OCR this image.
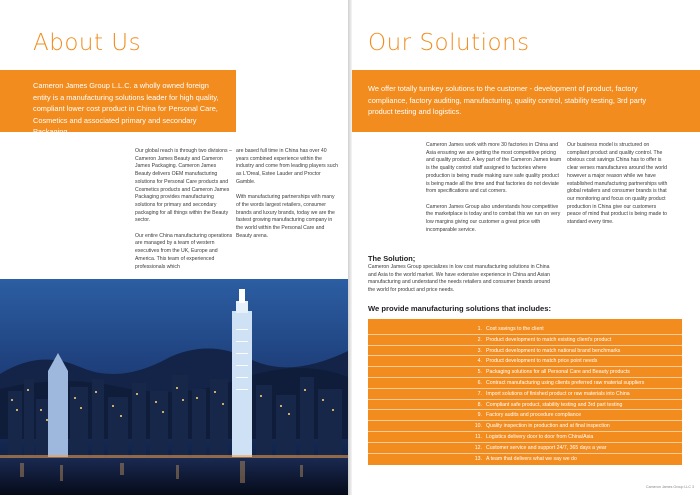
About Us
Cameron James Group L.L.C. a wholly owned foreign entity is a manufacturing solutions leader for high quality, compliant lower cost product in China for Personal Care, Cosmetics and associated primary and secondary Packaging

Our global reach is through two divisions – Cameron James Beauty and Cameron James Packaging. Cameron James Beauty delivers OEM manufacturing solutions for Personal Care products and Cosmetics products and Cameron James Packaging provides manufacturing solutions for primary and secondary packaging for all things within the Beauty sector.

Our entire China manufacturing operations are managed by a team of western executives from the UK, Europe and America. This team of experienced professionals which

are based full time in China has over 40 years combined experience within the industry and come from leading players such as L'Oreal, Estee Lauder and Proctor Gamble.

With manufacturing partnerships with many of the words largest retailers, consumer brands and luxury brands, today we are the fastest growing manufacturing company in the world within the Personal Care and Beauty arena.

Our Solutions
We offer totally turnkey solutions to the customer - development of product, factory compliance, factory auditing, manufacturing, quality control, stability testing, 3rd party product testing and logistics.

Cameron James work with more 30 factories in China and Asia ensuring we are getting the most competitive pricing and quality product. A key part of the Cameron James team is the quality control staff assigned to factories where production is being made making sure safe quality product is being made all the time and that factories do not deviate from specifications and cut corners.

Cameron James Group also understands how competitive the marketplace is today and to combat this we run on very low margins giving our customer a great price with incomparable service.

Our business model is structured on compliant product and quality control. The obvious cost savings China has to offer is clear verses manufactures around the world however a major reason while we have established manufacturing partnerships with global retailers and consumer brands is that our monitoring and focus on quality product production in China give our customers peace of mind that product is being made to standard every time.

The Solution;
Cameron James Group specializes in low cost manufacturing solutions in China and Asia to the world market. We have extensive experience in China and Asian manufacturing and understand the needs retailers and consumer brands around the world for product and price needs.
We provide manufacturing solutions that includes:
1. Cost savings to the client
2. Product development to match existing client's product
3. Product development to match national brand benchmarks
4. Product development to match price point needs
5. Packaging solutions for all Personal Care and Beauty products
6. Contract manufacturing using clients preferred raw material suppliers
7. Import solutions of finished product or raw materials into China
8. Compliant safe product, stability testing and 3rd part testing
9. Factory audits and procedure compliance
10. Quality inspection in production and at final inspection
11. Logistics delivery door to door from China/Asia
12. Customer service and support 24/7, 365 days a year
13. A team that delivers what we say we do
Cameron James Group LLC 3
